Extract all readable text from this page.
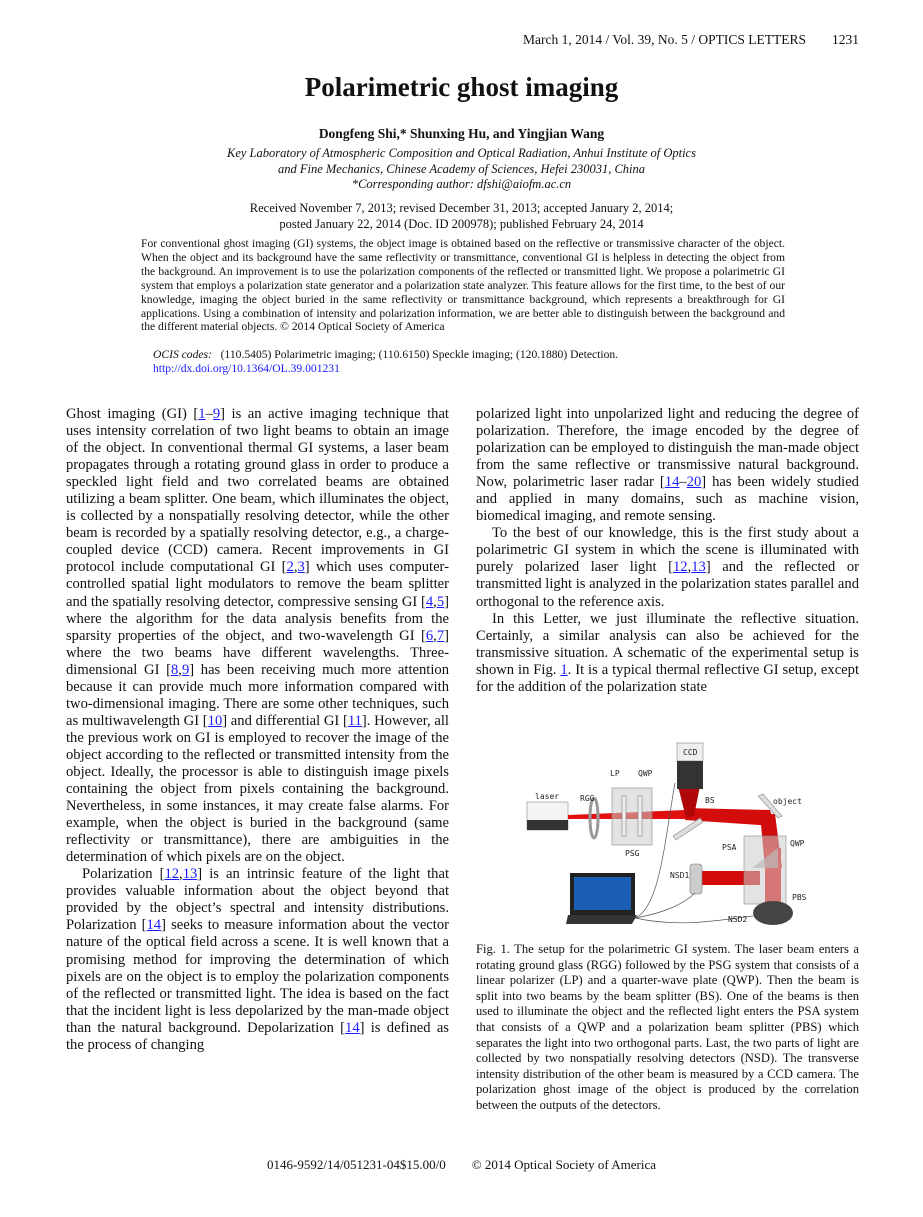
March 1, 2014 / Vol. 39, No. 5 / OPTICS LETTERS 1231
Polarimetric ghost imaging
Dongfeng Shi,* Shunxing Hu, and Yingjian Wang
Key Laboratory of Atmospheric Composition and Optical Radiation, Anhui Institute of Optics
and Fine Mechanics, Chinese Academy of Sciences, Hefei 230031, China
*Corresponding author: dfshi@aiofm.ac.cn
Received November 7, 2013; revised December 31, 2013; accepted January 2, 2014;
posted January 22, 2014 (Doc. ID 200978); published February 24, 2014
For conventional ghost imaging (GI) systems, the object image is obtained based on the reflective or transmissive character of the object. When the object and its background have the same reflectivity or transmittance, conventional GI is helpless in detecting the object from the background. An improvement is to use the polarization components of the reflected or transmitted light. We propose a polarimetric GI system that employs a polarization state generator and a polarization state analyzer. This feature allows for the first time, to the best of our knowledge, imaging the object buried in the same reflectivity or transmittance background, which represents a breakthrough for GI applications. Using a combination of intensity and polarization information, we are better able to distinguish between the background and the different material objects. © 2014 Optical Society of America
OCIS codes: (110.5405) Polarimetric imaging; (110.6150) Speckle imaging; (120.1880) Detection.
http://dx.doi.org/10.1364/OL.39.001231

Ghost imaging (GI) [1–9] is an active imaging technique that uses intensity correlation of two light beams to obtain an image of the object. In conventional thermal GI systems, a laser beam propagates through a rotating ground glass in order to produce a speckled light field and two correlated beams are obtained utilizing a beam splitter. One beam, which illuminates the object, is collected by a nonspatially resolving detector, while the other beam is recorded by a spatially resolving detector, e.g., a charge-coupled device (CCD) camera. Recent improvements in GI protocol include computational GI [2,3] which uses computer-controlled spatial light modulators to remove the beam splitter and the spatially resolving detector, compressive sensing GI [4,5] where the algorithm for the data analysis benefits from the sparsity properties of the object, and two-wavelength GI [6,7] where the two beams have different wavelengths. Three-dimensional GI [8,9] has been receiving much more attention because it can provide much more information compared with two-dimensional imaging. There are some other techniques, such as multiwavelength GI [10] and differential GI [11]. However, all the previous work on GI is employed to recover the image of the object according to the reflected or transmitted intensity from the object. Ideally, the processor is able to distinguish image pixels containing the object from pixels containing the background. Nevertheless, in some instances, it may create false alarms. For example, when the object is buried in the background (same reflectivity or transmittance), there are ambiguities in the determination of which pixels are on the object.

Polarization [12,13] is an intrinsic feature of the light that provides valuable information about the object beyond that provided by the object’s spectral and intensity distributions. Polarization [14] seeks to measure information about the vector nature of the optical field across a scene. It is well known that a promising method for improving the determination of which pixels are on the object is to employ the polarization components of the reflected or transmitted light. The idea is based on the fact that the incident light is less depolarized by the man-made object than the natural background. Depolarization [14] is defined as the process of changing

polarized light into unpolarized light and reducing the degree of polarization. Therefore, the image encoded by the degree of polarization can be employed to distinguish the man-made object from the same reflective or transmissive natural background. Now, polarimetric laser radar [14–20] has been widely studied and applied in many domains, such as machine vision, biomedical imaging, and remote sensing.

To the best of our knowledge, this is the first study about a polarimetric GI system in which the scene is illuminated with purely polarized laser light [12,13] and the reflected or transmitted light is analyzed in the polarization states parallel and orthogonal to the reference axis.

In this Letter, we just illuminate the reflective situation. Certainly, a similar analysis can also be achieved for the transmissive situation. A schematic of the experimental setup is shown in Fig. 1. It is a typical thermal reflective GI setup, except for the addition of the polarization state

laser	RGG
LP QWP
PSG
CCD
BS	object
PSA	QWP
PBS
NSD1
NSD2
Fig. 1. The setup for the polarimetric GI system. The laser beam enters a rotating ground glass (RGG) followed by the PSG system that consists of a linear polarizer (LP) and a quarter-wave plate (QWP). Then the beam is split into two beams by the beam splitter (BS). One of the beams is then used to illuminate the object and the reflected light enters the PSA system that consists of a QWP and a polarization beam splitter (PBS) which separates the light into two orthogonal parts. Last, the two parts of light are collected by two nonspatially resolving detectors (NSD). The transverse intensity distribution of the other beam is measured by a CCD camera. The polarization ghost image of the object is produced by the correlation between the outputs of the detectors.
0146-9592/14/051231-04$15.00/0 © 2014 Optical Society of America
